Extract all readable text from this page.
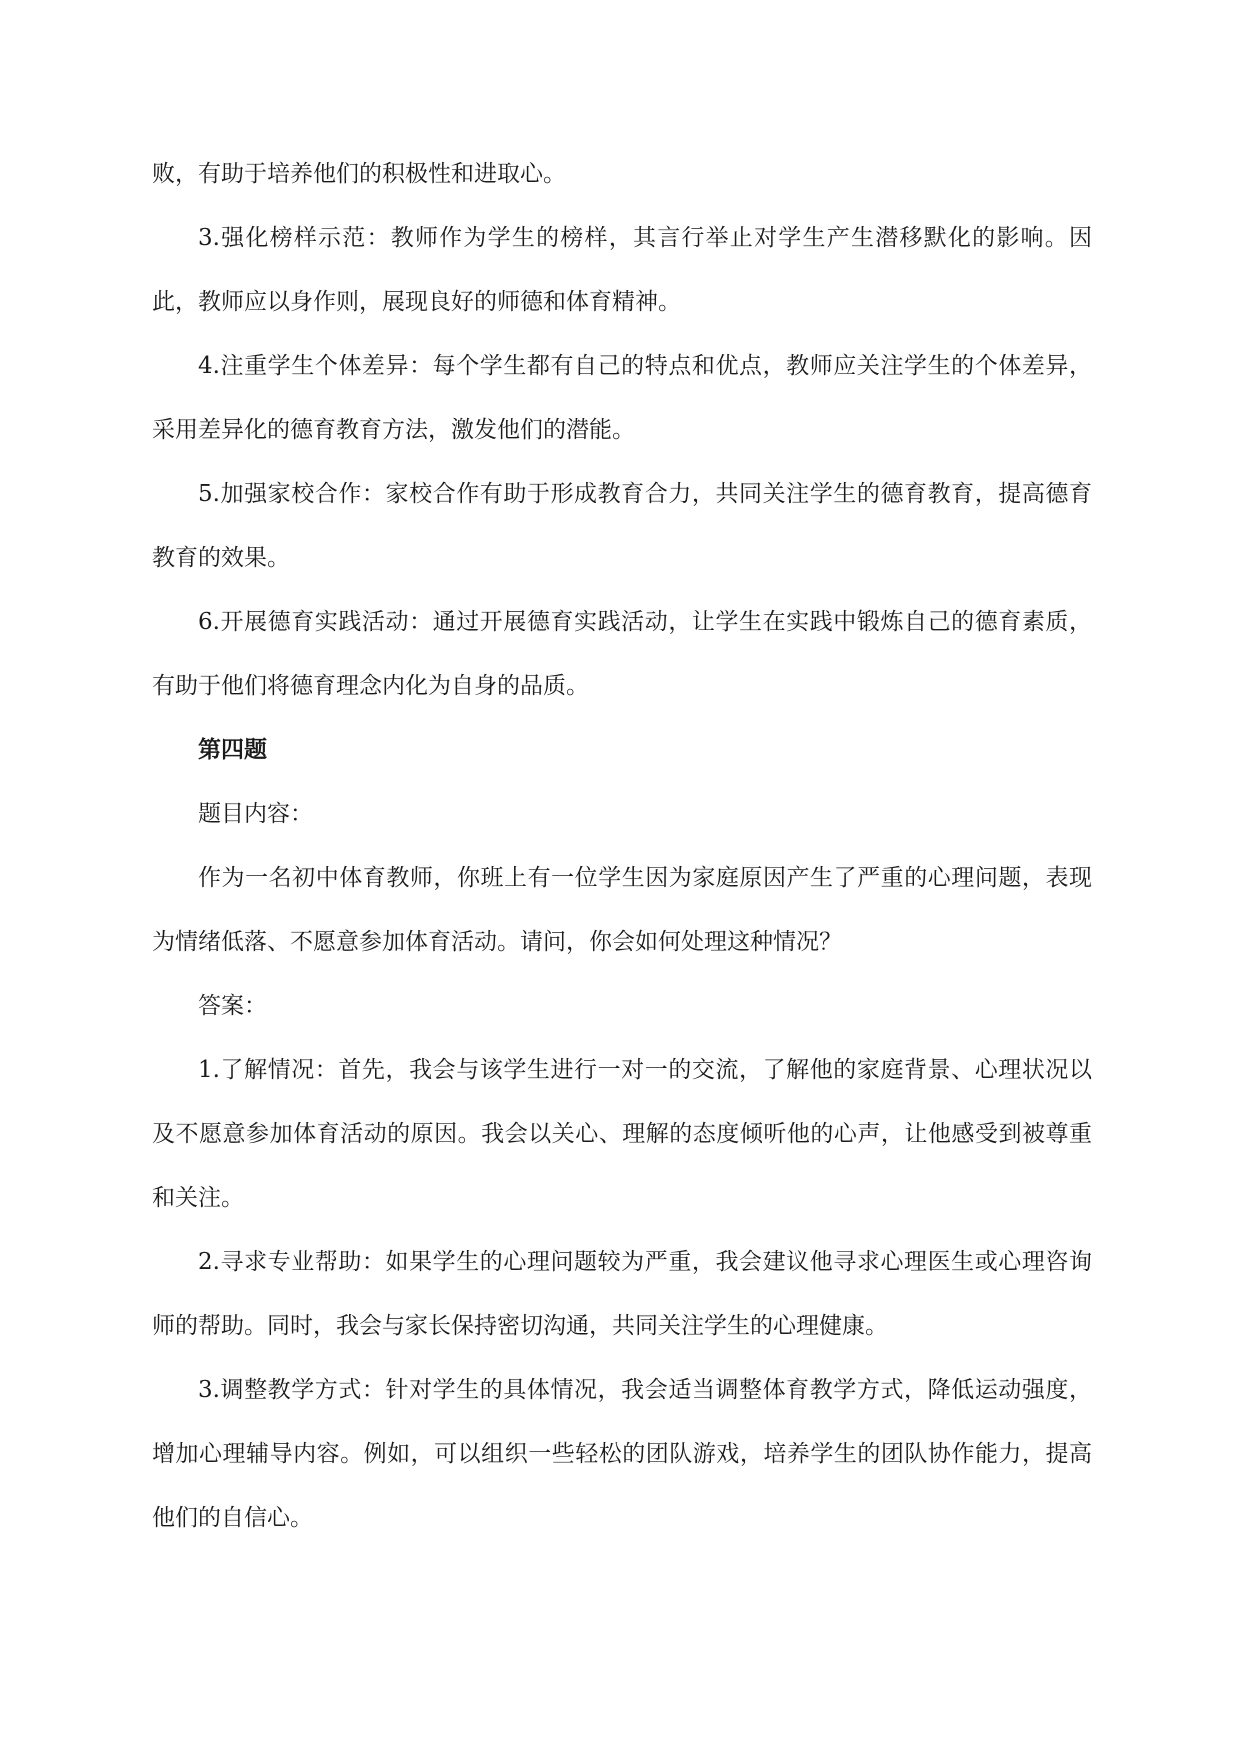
败，有助于培养他们的积极性和进取心。

3.强化榜样示范：教师作为学生的榜样，其言行举止对学生产生潜移默化的影响。因此，教师应以身作则，展现良好的师德和体育精神。

4.注重学生个体差异：每个学生都有自己的特点和优点，教师应关注学生的个体差异，采用差异化的德育教育方法，激发他们的潜能。

5.加强家校合作：家校合作有助于形成教育合力，共同关注学生的德育教育，提高德育教育的效果。

6.开展德育实践活动：通过开展德育实践活动，让学生在实践中锻炼自己的德育素质，有助于他们将德育理念内化为自身的品质。

第四题

题目内容：

作为一名初中体育教师，你班上有一位学生因为家庭原因产生了严重的心理问题，表现为情绪低落、不愿意参加体育活动。请问，你会如何处理这种情况？

答案：

1.了解情况：首先，我会与该学生进行一对一的交流，了解他的家庭背景、心理状况以及不愿意参加体育活动的原因。我会以关心、理解的态度倾听他的心声，让他感受到被尊重和关注。

2.寻求专业帮助：如果学生的心理问题较为严重，我会建议他寻求心理医生或心理咨询师的帮助。同时，我会与家长保持密切沟通，共同关注学生的心理健康。

3.调整教学方式：针对学生的具体情况，我会适当调整体育教学方式，降低运动强度，增加心理辅导内容。例如，可以组织一些轻松的团队游戏，培养学生的团队协作能力，提高他们的自信心。
